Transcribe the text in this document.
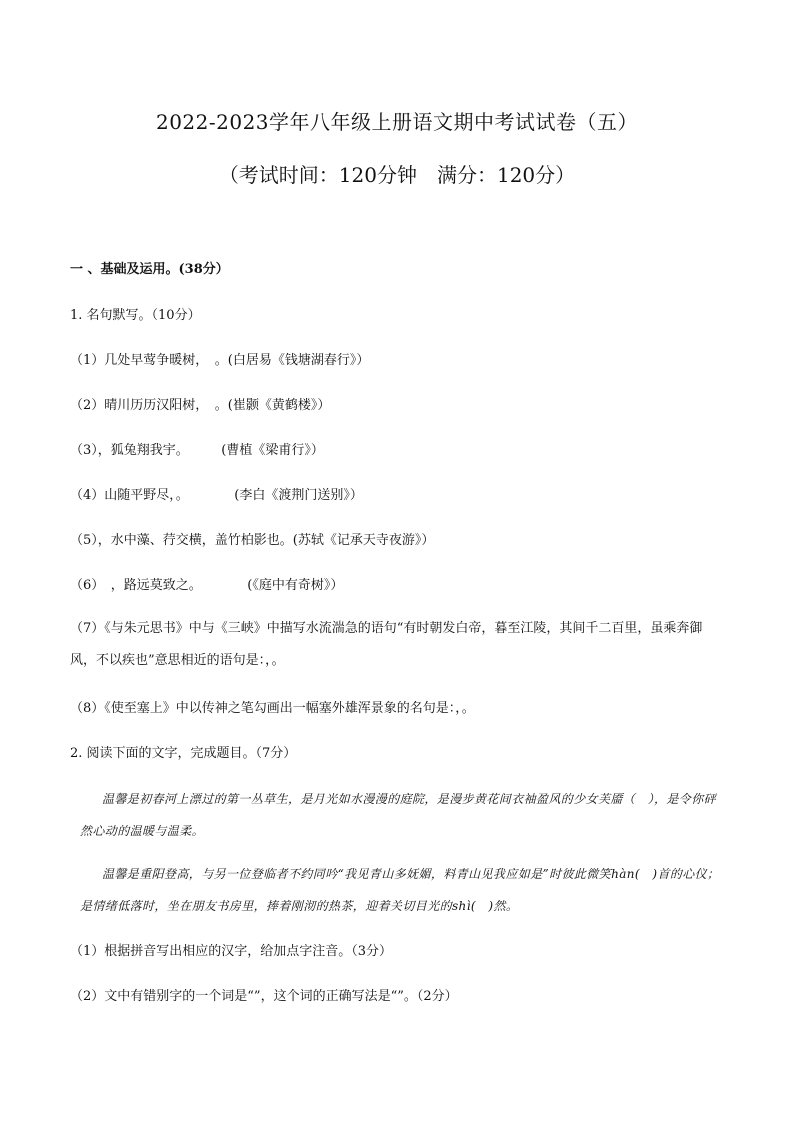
2022-2023学年八年级上册语文期中考试试卷（五）
（考试时间：120分钟　满分：120分）
一 、基础及运用。(38分）
1. 名句默写。（10分）
（1）几处早莺争暖树，　。(白居易《钱塘湖春行》）
（2）晴川历历汉阳树，　。(崔颢《黄鹤楼》）
（3），狐兔翔我宇。　　　(曹植《梁甫行》）
（4）山随平野尽，。　　　　(李白《渡荆门送别》）
（5），水中藻、荇交横，盖竹柏影也。(苏轼《记承天寺夜游》）
（6）　，路远莫致之。　　　　(《庭中有奇树》）
（7）《与朱元思书》中与《三峡》中描写水流湍急的语句“有时朝发白帝，暮至江陵，其间千二百里，虽乘奔御风，不以疾也”意思相近的语句是：，。
（8）《使至塞上》中以传神之笔勾画出一幅塞外雄浑景象的名句是：，。
2. 阅读下面的文字，完成题目。（7分）
温馨是初春河上漂过的第一丛草生，是月光如水漫漫的庭院，是漫步黄花间衣袖盈风的少女芙靥（　），是令你砰然心动的温暖与温柔。
温馨是重阳登高，与另一位登临者不约同吟“我见青山多妩媚，料青山见我应如是”时彼此微笑hàn(　)首的心仪；是情绪低落时，坐在朋友书房里，捧着刚沏的热茶，迎着关切目光的shì(　)然。
（1）根据拼音写出相应的汉字，给加点字注音。（3分）
（2）文中有错别字的一个词是“”，这个词的正确写法是“”。（2分）
